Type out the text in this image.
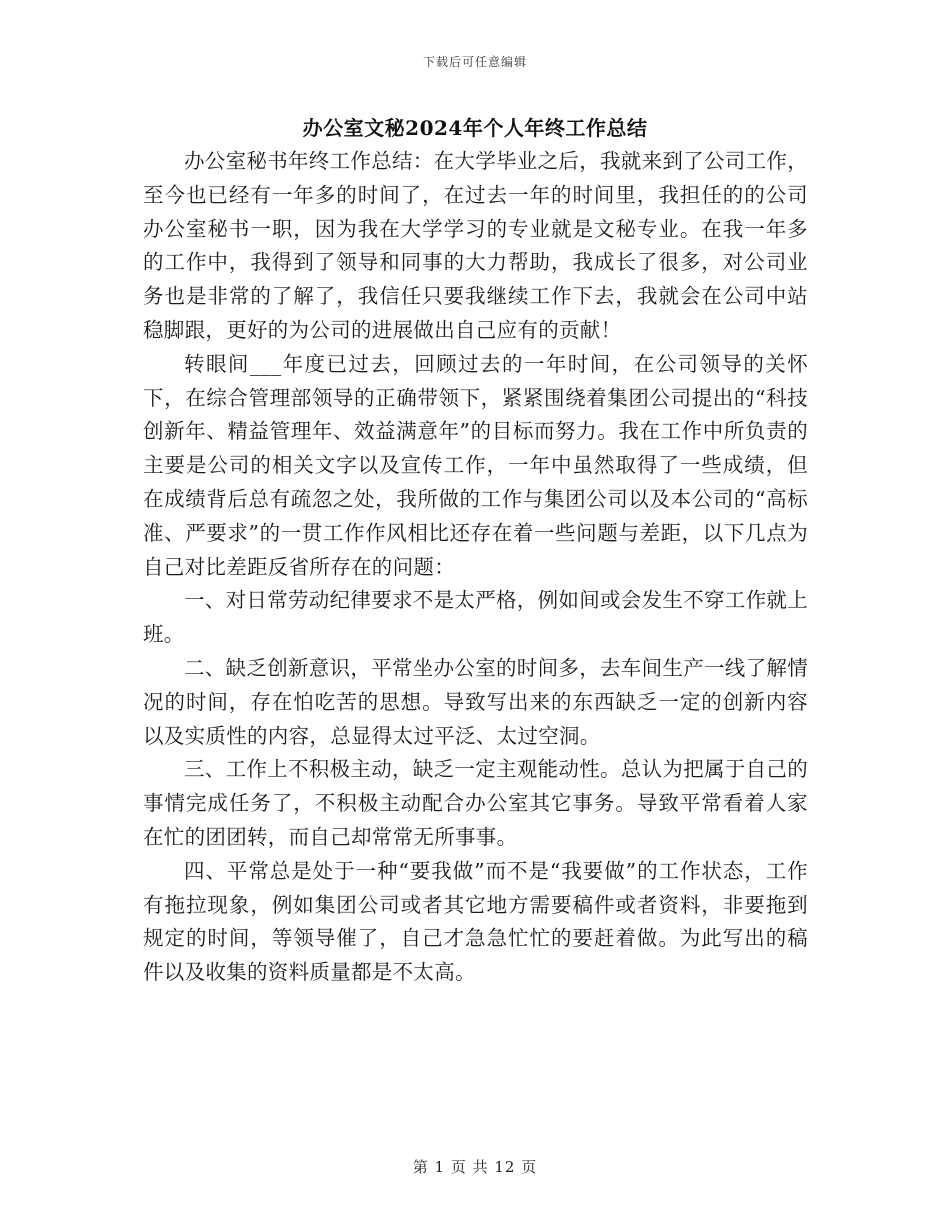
下载后可任意编辑
办公室文秘2024年个人年终工作总结

办公室秘书年终工作总结：在大学毕业之后，我就来到了公司工作，至今也已经有一年多的时间了，在过去一年的时间里，我担任的的公司办公室秘书一职，因为我在大学学习的专业就是文秘专业。在我一年多的工作中，我得到了领导和同事的大力帮助，我成长了很多，对公司业务也是非常的了解了，我信任只要我继续工作下去，我就会在公司中站稳脚跟，更好的为公司的进展做出自己应有的贡献！

转眼间___年度已过去，回顾过去的一年时间，在公司领导的关怀下，在综合管理部领导的正确带领下，紧紧围绕着集团公司提出的“科技创新年、精益管理年、效益满意年”的目标而努力。我在工作中所负责的主要是公司的相关文字以及宣传工作，一年中虽然取得了一些成绩，但在成绩背后总有疏忽之处，我所做的工作与集团公司以及本公司的“高标准、严要求”的一贯工作作风相比还存在着一些问题与差距，以下几点为自己对比差距反省所存在的问题：

一、对日常劳动纪律要求不是太严格，例如间或会发生不穿工作就上班。

二、缺乏创新意识，平常坐办公室的时间多，去车间生产一线了解情况的时间，存在怕吃苦的思想。导致写出来的东西缺乏一定的创新内容以及实质性的内容，总显得太过平泛、太过空洞。

三、工作上不积极主动，缺乏一定主观能动性。总认为把属于自己的事情完成任务了，不积极主动配合办公室其它事务。导致平常看着人家在忙的团团转，而自己却常常无所事事。

四、平常总是处于一种“要我做”而不是“我要做”的工作状态，工作有拖拉现象，例如集团公司或者其它地方需要稿件或者资料，非要拖到规定的时间，等领导催了，自己才急急忙忙的要赶着做。为此写出的稿件以及收集的资料质量都是不太高。

第 1 页 共 12 页
